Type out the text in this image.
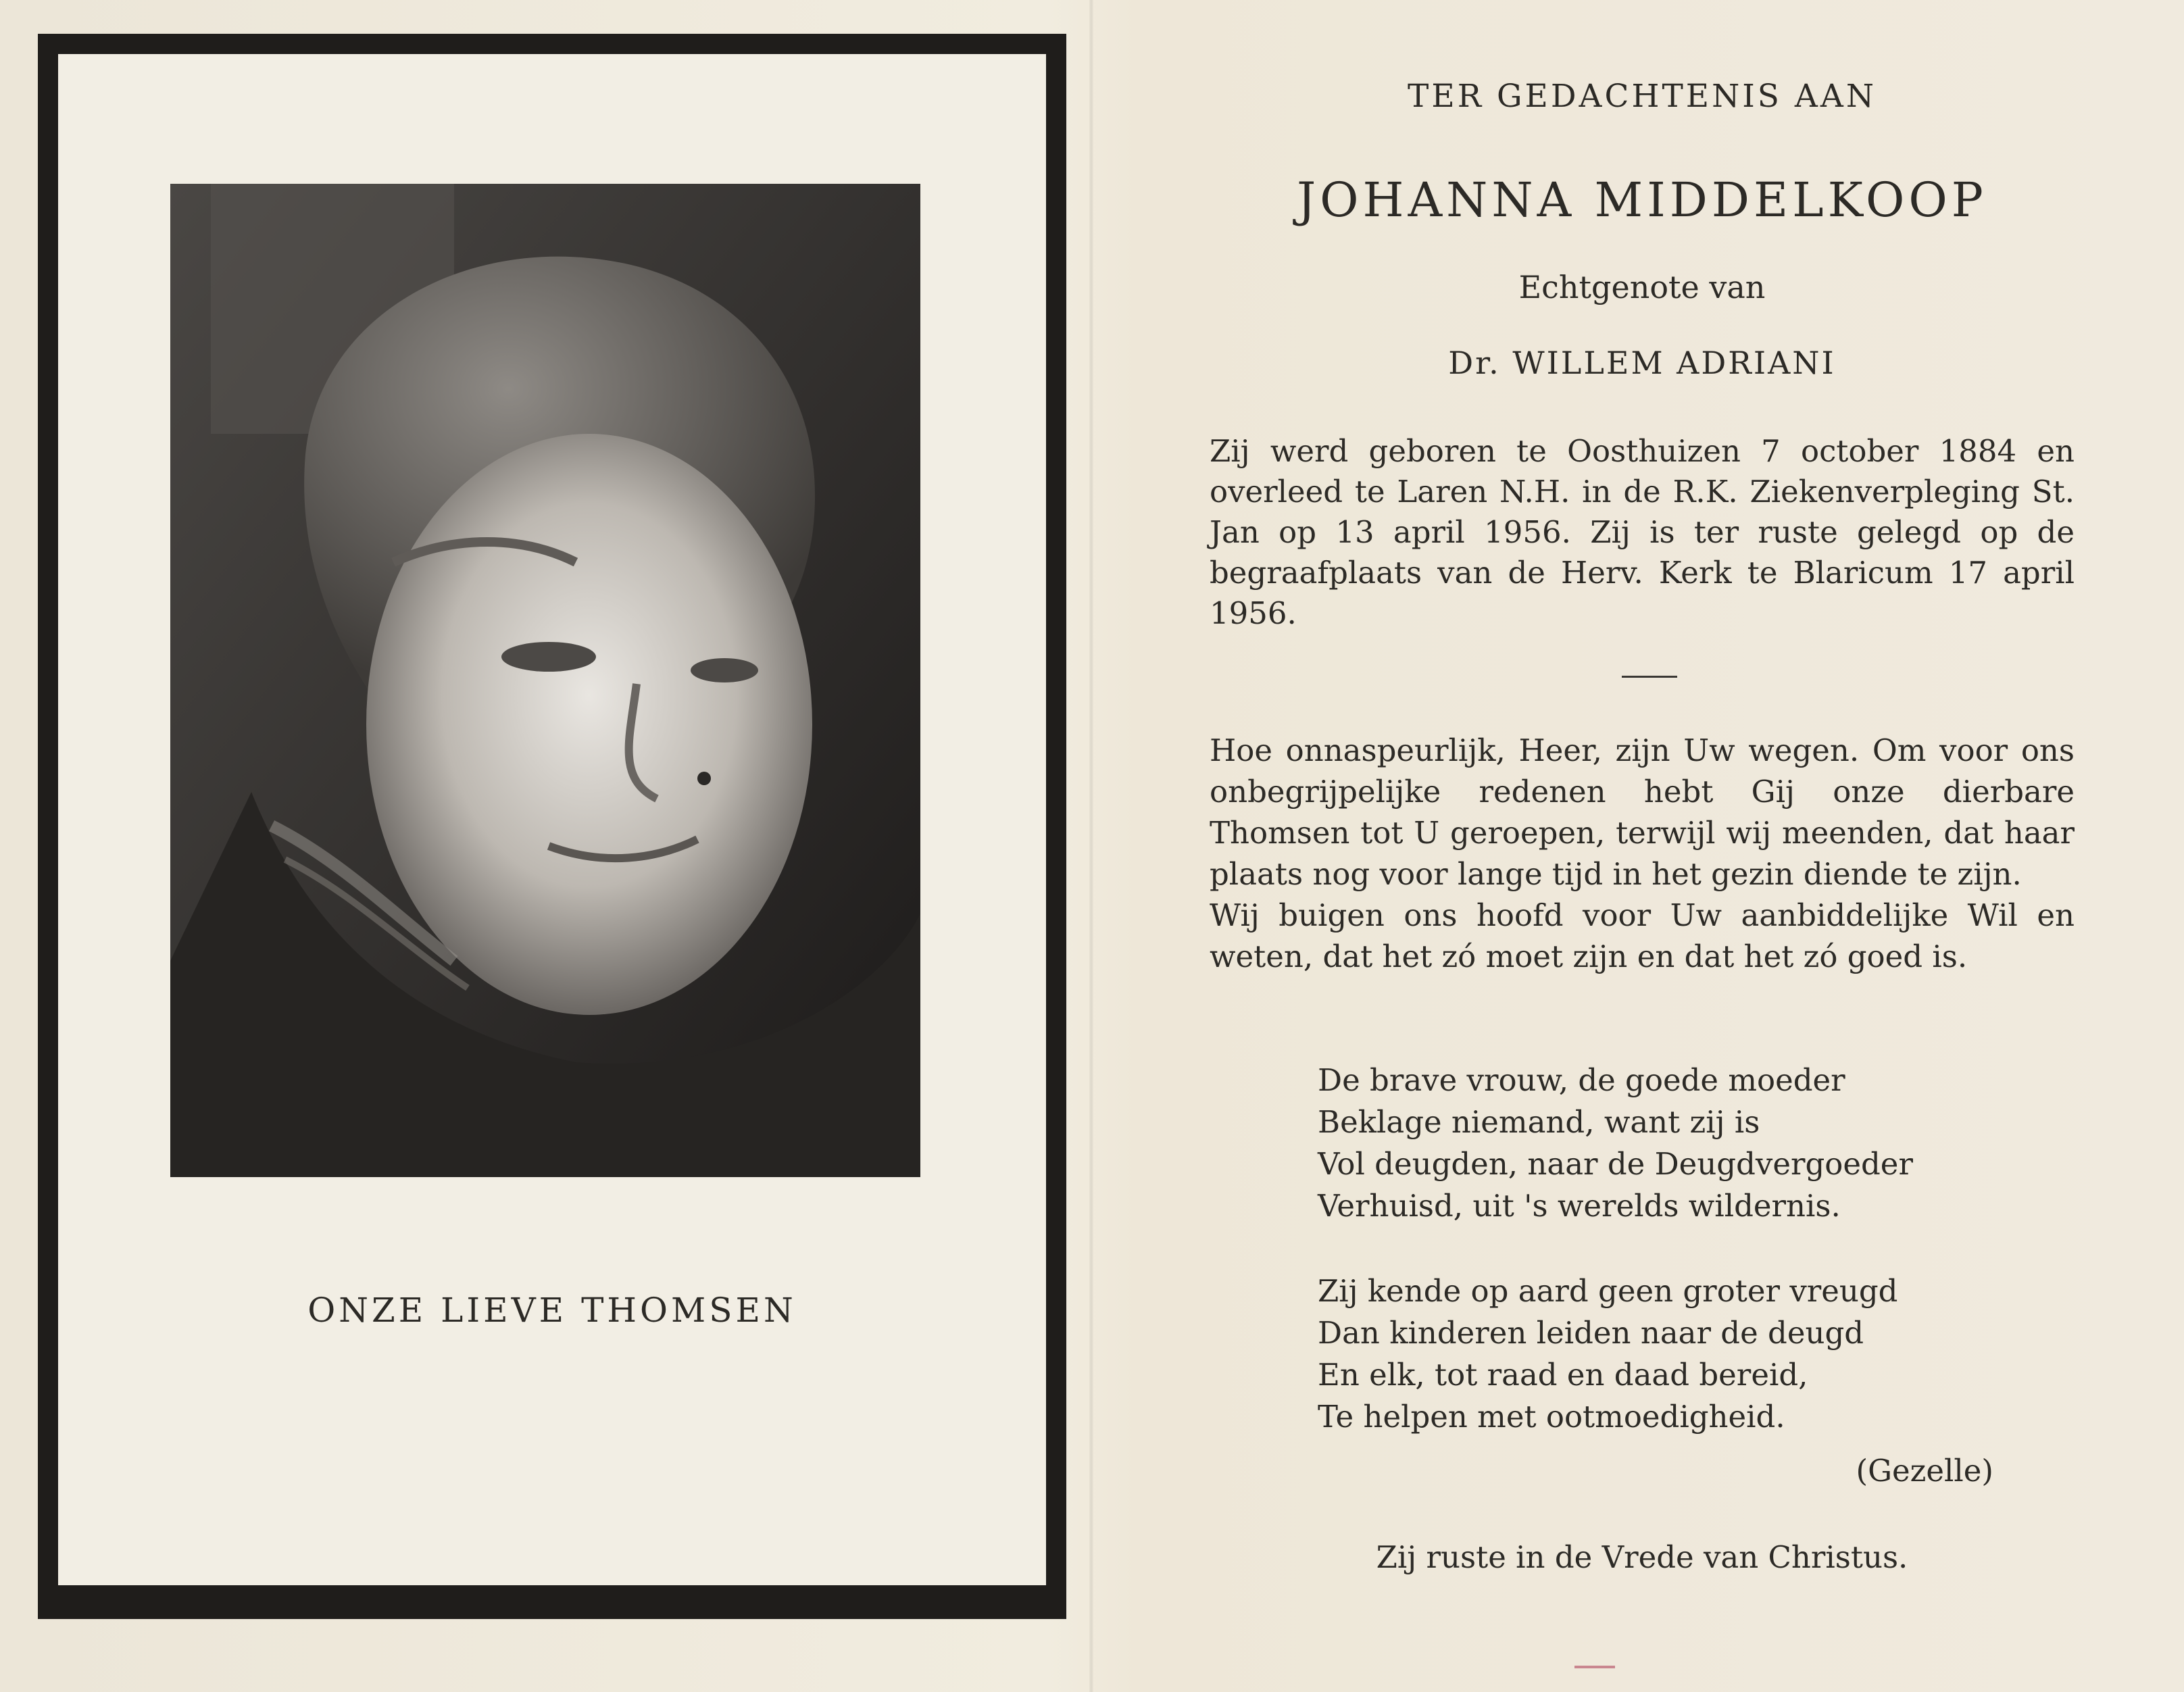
ONZE LIEVE THOMSEN
TER GEDACHTENIS AAN
JOHANNA MIDDELKOOP
Echtgenote van
Dr. WILLEM ADRIANI
Zij werd geboren te Oosthuizen 7 october 1884 en overleed te Laren N.H. in de R.K. Ziekenverpleging St. Jan op 13 april 1956. Zij is ter ruste gelegd op de begraafplaats van de Herv. Kerk te Blaricum 17 april 1956.
Hoe onnaspeurlijk, Heer, zijn Uw wegen. Om voor ons onbegrijpelijke redenen hebt Gij onze dierbare Thomsen tot U geroepen, terwijl wij meenden, dat haar plaats nog voor lange tijd in het gezin diende te zijn.
Wij buigen ons hoofd voor Uw aanbiddelijke Wil en weten, dat het zó moet zijn en dat het zó goed is.
De brave vrouw, de goede moeder
Beklage niemand, want zij is
Vol deugden, naar de Deugdvergoeder
Verhuisd, uit 's werelds wildernis.
Zij kende op aard geen groter vreugd
Dan kinderen leiden naar de deugd
En elk, tot raad en daad bereid,
Te helpen met ootmoedigheid.
(Gezelle)
Zij ruste in de Vrede van Christus.
